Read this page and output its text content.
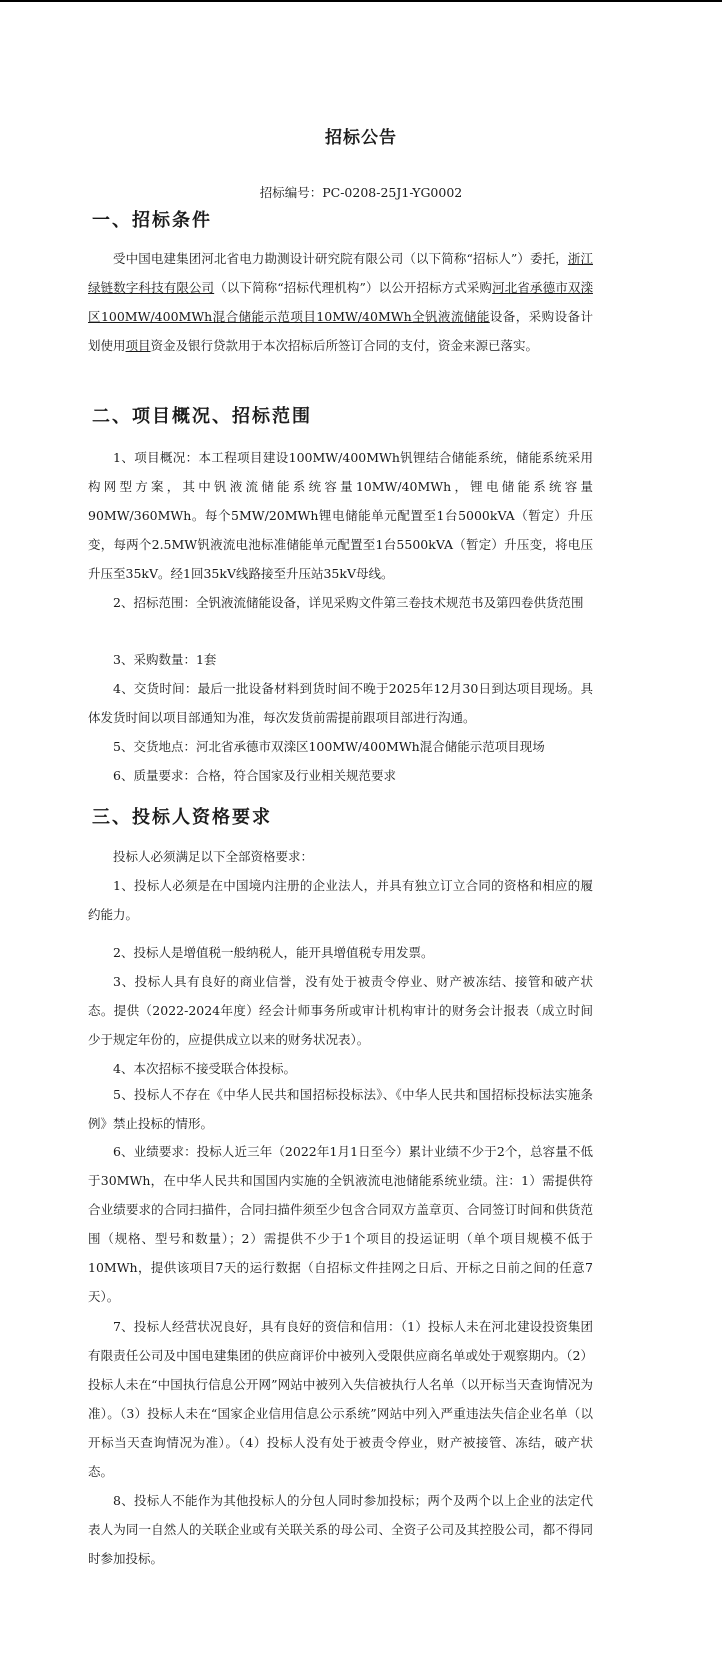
招标公告
招标编号：PC-0208-25J1-YG0002
一、招标条件

受中国电建集团河北省电力勘测设计研究院有限公司（以下简称“招标人”）委托，浙江绿链数字科技有限公司（以下简称“招标代理机构”）以公开招标方式采购河北省承德市双滦区100MW/400MWh混合储能示范项目10MW/40MWh全钒液流储能设备，采购设备计划使用项目资金及银行贷款用于本次招标后所签订合同的支付，资金来源已落实。

二、项目概况、招标范围

1、项目概况：本工程项目建设100MW/400MWh钒锂结合储能系统，储能系统采用构网型方案，其中钒液流储能系统容量10MW/40MWh，锂电储能系统容量90MW/360MWh。每个5MW/20MWh锂电储能单元配置至1台5000kVA（暂定）升压变，每两个2.5MW钒液流电池标准储能单元配置至1台5500kVA（暂定）升压变，将电压升压至35kV。经1回35kV线路接至升压站35kV母线。

2、招标范围：全钒液流储能设备，详见采购文件第三卷技术规范书及第四卷供货范围

3、采购数量：1套

4、交货时间：最后一批设备材料到货时间不晚于2025年12月30日到达项目现场。具体发货时间以项目部通知为准，每次发货前需提前跟项目部进行沟通。

5、交货地点：河北省承德市双滦区100MW/400MWh混合储能示范项目现场

6、质量要求：合格，符合国家及行业相关规范要求

三、投标人资格要求

投标人必须满足以下全部资格要求：

1、投标人必须是在中国境内注册的企业法人，并具有独立订立合同的资格和相应的履约能力。

2、投标人是增值税一般纳税人，能开具增值税专用发票。

3、投标人具有良好的商业信誉，没有处于被责令停业、财产被冻结、接管和破产状态。提供（2022-2024年度）经会计师事务所或审计机构审计的财务会计报表（成立时间少于规定年份的，应提供成立以来的财务状况表）。

4、本次招标不接受联合体投标。

5、投标人不存在《中华人民共和国招标投标法》、《中华人民共和国招标投标法实施条例》禁止投标的情形。

6、业绩要求：投标人近三年（2022年1月1日至今）累计业绩不少于2个，总容量不低于30MWh，在中华人民共和国国内实施的全钒液流电池储能系统业绩。注：1）需提供符合业绩要求的合同扫描件，合同扫描件须至少包含合同双方盖章页、合同签订时间和供货范围（规格、型号和数量）；2）需提供不少于1个项目的投运证明（单个项目规模不低于10MWh，提供该项目7天的运行数据（自招标文件挂网之日后、开标之日前之间的任意7天）。

7、投标人经营状况良好，具有良好的资信和信用：（1）投标人未在河北建设投资集团有限责任公司及中国电建集团的供应商评价中被列入受限供应商名单或处于观察期内。（2）投标人未在“中国执行信息公开网”网站中被列入失信被执行人名单（以开标当天查询情况为准）。（3）投标人未在“国家企业信用信息公示系统”网站中列入严重违法失信企业名单（以开标当天查询情况为准）。（4）投标人没有处于被责令停业，财产被接管、冻结，破产状态。

8、投标人不能作为其他投标人的分包人同时参加投标；两个及两个以上企业的法定代表人为同一自然人的关联企业或有关联关系的母公司、全资子公司及其控股公司，都不得同时参加投标。
